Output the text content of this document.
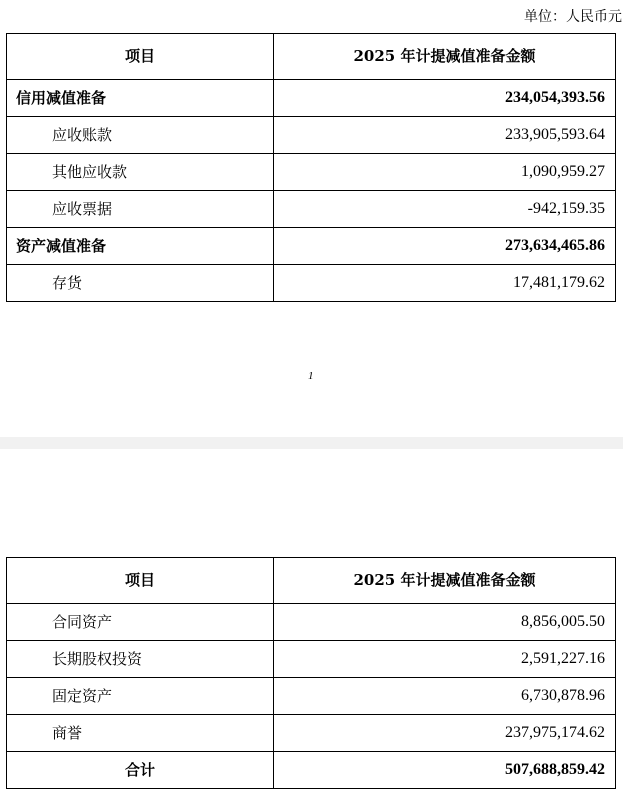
单位：人民币元
项目	2025 年计提减值准备金额
信用减值准备	234,054,393.56
应收账款	233,905,593.64
其他应收款	1,090,959.27
应收票据	-942,159.35
资产减值准备	273,634,465.86
存货	17,481,179.62
1
项目	2025 年计提减值准备金额
合同资产	8,856,005.50
长期股权投资	2,591,227.16
固定资产	6,730,878.96
商誉	237,975,174.62
合计	507,688,859.42
